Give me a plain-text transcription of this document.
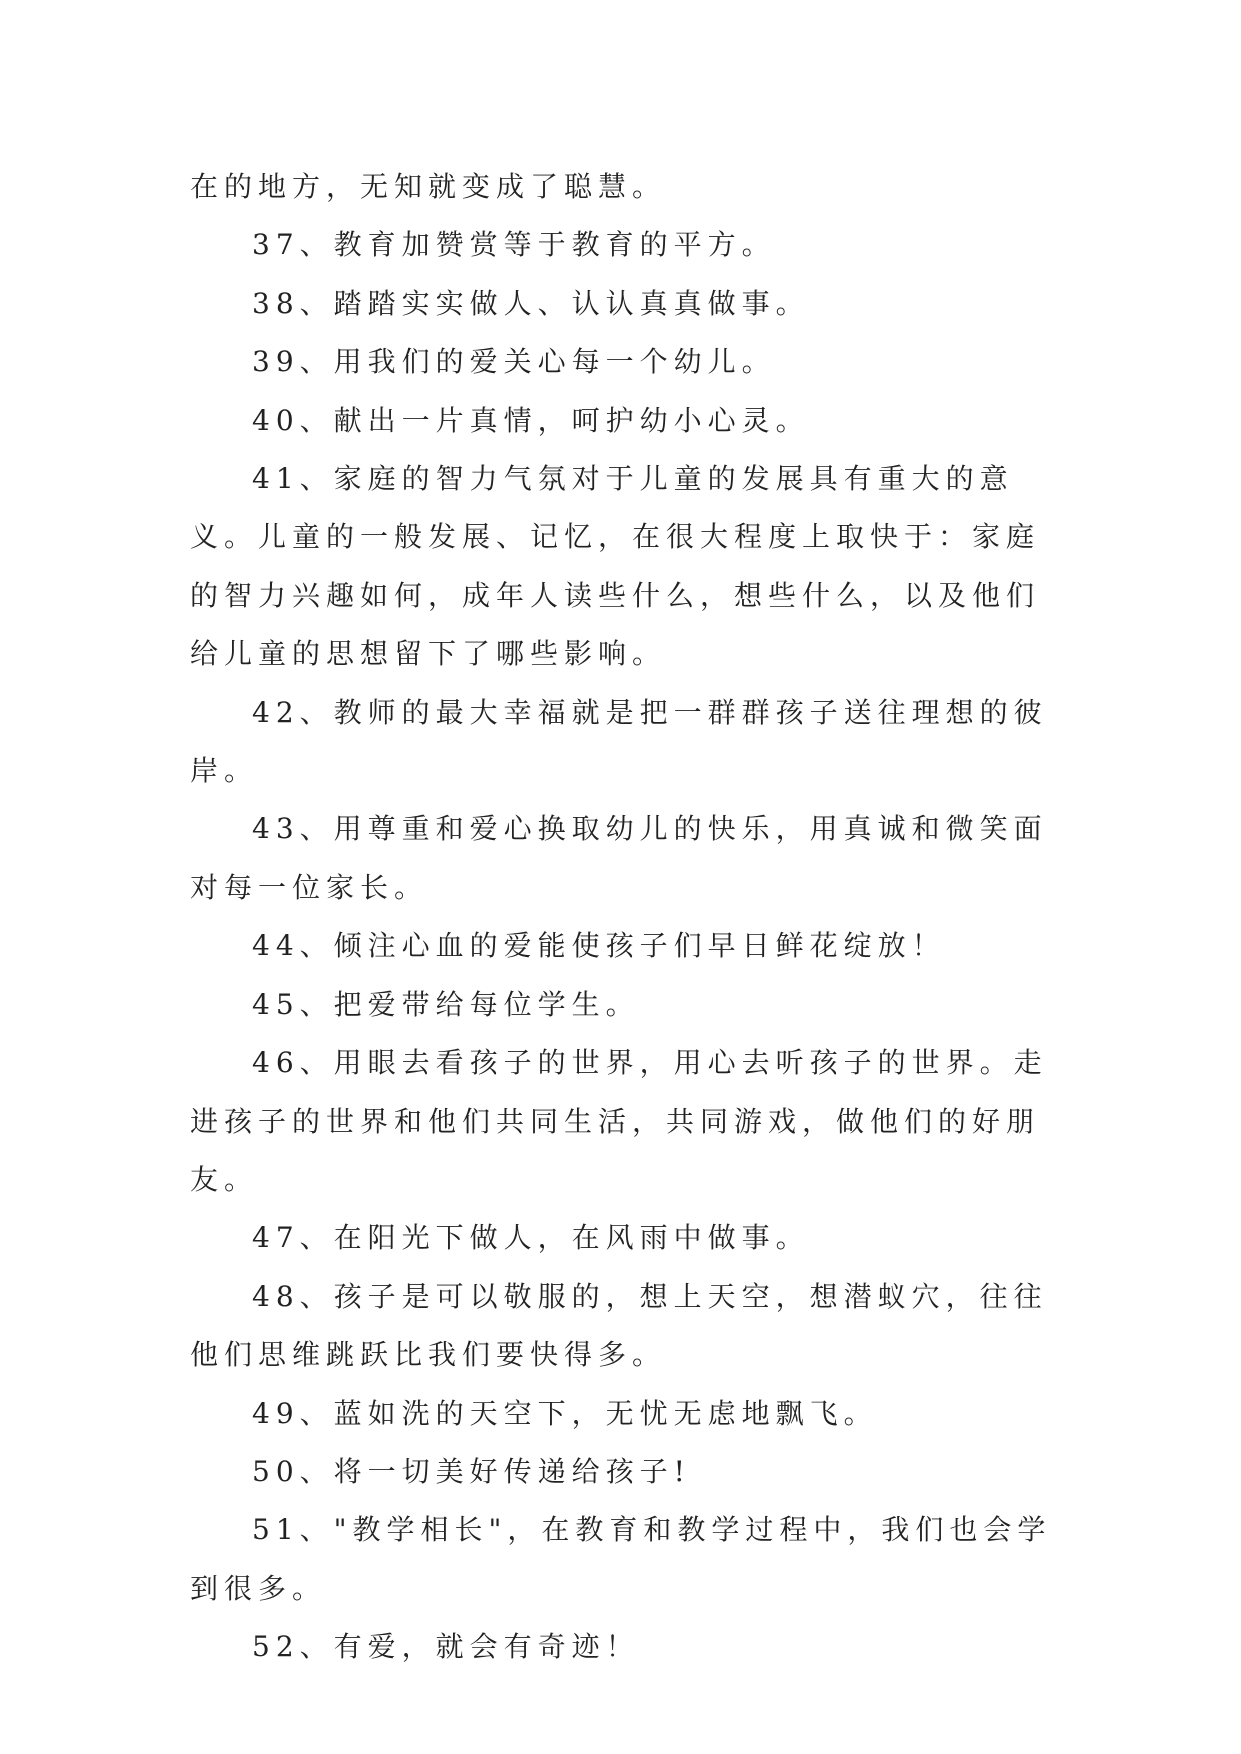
在的地方，无知就变成了聪慧。

37、教育加赞赏等于教育的平方。

38、踏踏实实做人、认认真真做事。

39、用我们的爱关心每一个幼儿。

40、献出一片真情，呵护幼小心灵。

41、家庭的智力气氛对于儿童的发展具有重大的意义。儿童的一般发展、记忆，在很大程度上取快于：家庭的智力兴趣如何，成年人读些什么，想些什么，以及他们给儿童的思想留下了哪些影响。

42、教师的最大幸福就是把一群群孩子送往理想的彼岸。

43、用尊重和爱心换取幼儿的快乐，用真诚和微笑面对每一位家长。

44、倾注心血的爱能使孩子们早日鲜花绽放！

45、把爱带给每位学生。

46、用眼去看孩子的世界，用心去听孩子的世界。走进孩子的世界和他们共同生活，共同游戏，做他们的好朋友。

47、在阳光下做人，在风雨中做事。

48、孩子是可以敬服的，想上天空，想潜蚁穴，往往他们思维跳跃比我们要快得多。

49、蓝如洗的天空下，无忧无虑地飘飞。

50、将一切美好传递给孩子!

51、"教学相长"，在教育和教学过程中，我们也会学到很多。

52、有爱，就会有奇迹！
